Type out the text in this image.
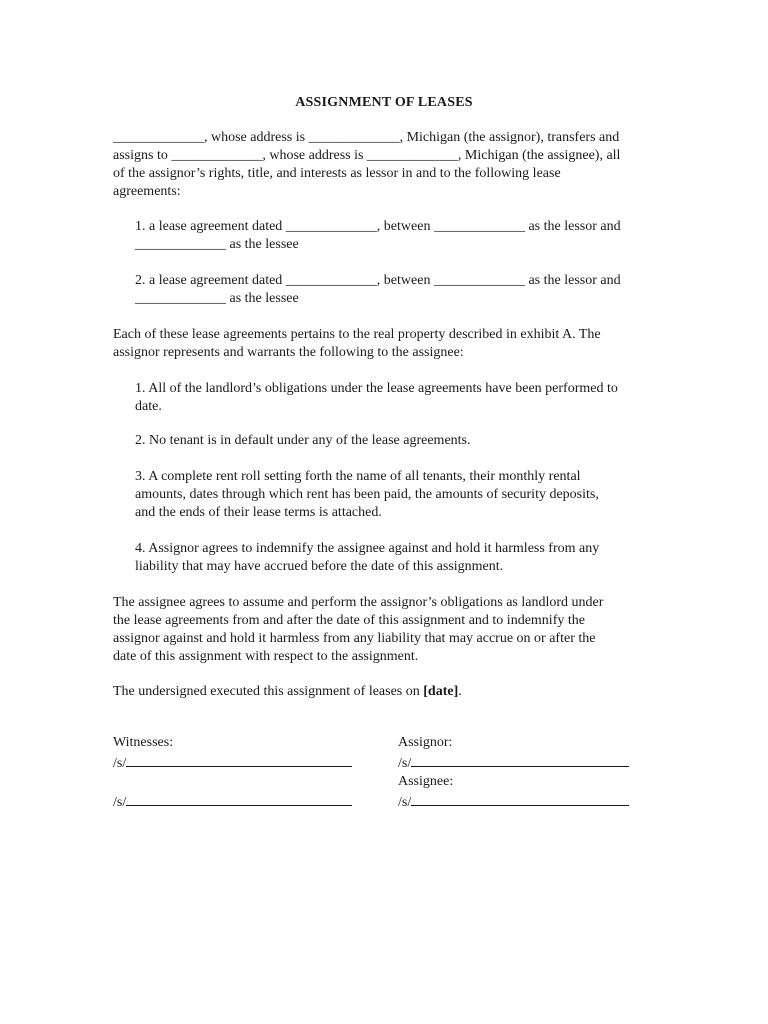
ASSIGNMENT OF LEASES
_____________, whose address is _____________, Michigan (the assignor), transfers and
assigns to _____________, whose address is _____________, Michigan (the assignee), all
of the assignor’s rights, title, and interests as lessor in and to the following lease
agreements:
1. a lease agreement dated _____________, between _____________ as the lessor and
_____________ as the lessee
2. a lease agreement dated _____________, between _____________ as the lessor and
_____________ as the lessee
Each of these lease agreements pertains to the real property described in exhibit A. The
assignor represents and warrants the following to the assignee:
1. All of the landlord’s obligations under the lease agreements have been performed to
date.
2. No tenant is in default under any of the lease agreements.
3. A complete rent roll setting forth the name of all tenants, their monthly rental
amounts, dates through which rent has been paid, the amounts of security deposits,
and the ends of their lease terms is attached.
4. Assignor agrees to indemnify the assignee against and hold it harmless from any
liability that may have accrued before the date of this assignment.
The assignee agrees to assume and perform the assignor’s obligations as landlord under
the lease agreements from and after the date of this assignment and to indemnify the
assignor against and hold it harmless from any liability that may accrue on or after the
date of this assignment with respect to the assignment.
The undersigned executed this assignment of leases on [date].
Witnesses:
/s/
/s/
Assignor:
/s/
Assignee:
/s/
